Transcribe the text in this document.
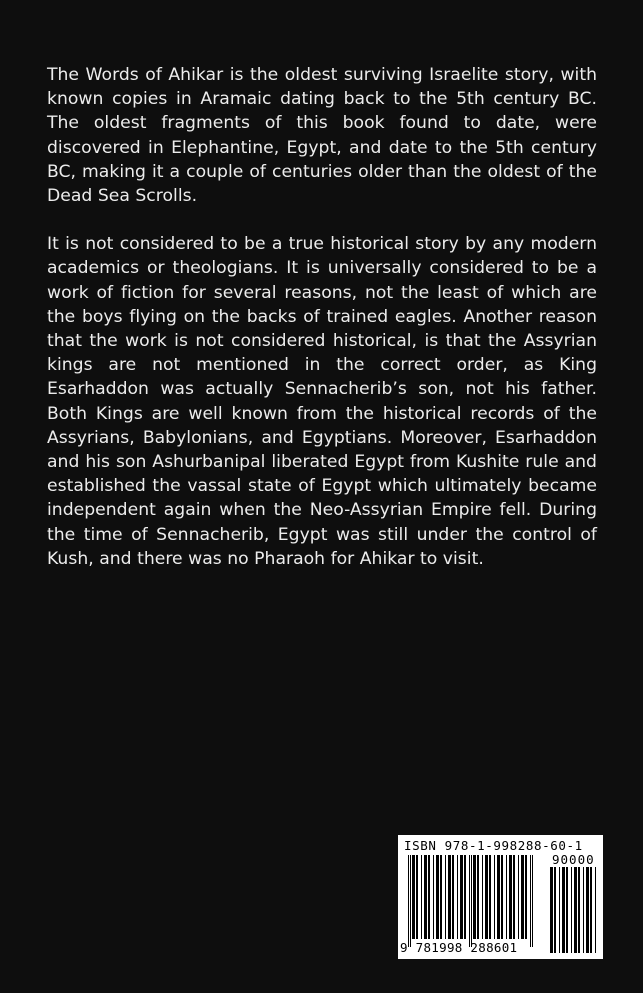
The Words of Ahikar is the oldest surviving Israelite story, with known copies in Aramaic dating back to the 5th century BC. The oldest fragments of this book found to date, were discovered in Elephantine, Egypt, and date to the 5th century BC, making it a couple of centuries older than the oldest of the Dead Sea Scrolls.

It is not considered to be a true historical story by any modern academics or theologians. It is universally considered to be a work of fiction for several reasons, not the least of which are the boys flying on the backs of trained eagles. Another reason that the work is not considered historical, is that the Assyrian kings are not mentioned in the correct order, as King Esarhaddon was actually Sennacherib’s son, not his father. Both Kings are well known from the historical records of the Assyrians, Babylonians, and Egyptians. Moreover, Esarhaddon and his son Ashurbanipal liberated Egypt from Kushite rule and established the vassal state of Egypt which ultimately became independent again when the Neo-Assyrian Empire fell. During the time of Sennacherib, Egypt was still under the control of Kush, and there was no Pharaoh for Ahikar to visit.

ISBN 978-1-998288-60-1
90000
9 781998 288601
